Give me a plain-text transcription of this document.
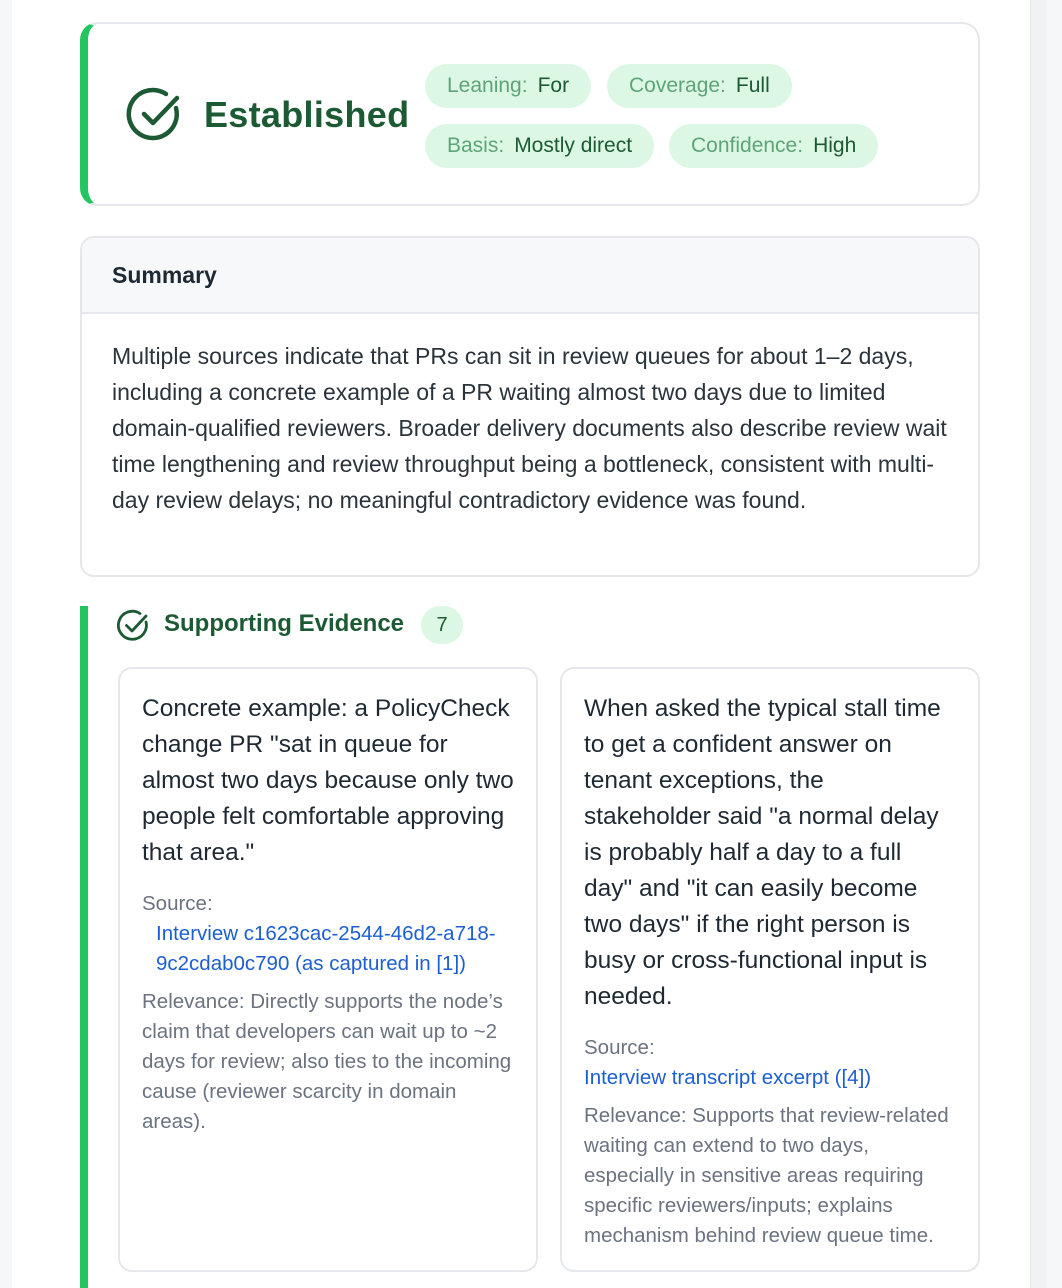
Established
Leaning: For	Coverage: Full
Basis: Mostly direct	Confidence: High
Summary
Multiple sources indicate that PRs can sit in review queues for about 1–2 days, including a concrete example of a PR waiting almost two days due to limited domain-qualified reviewers. Broader delivery documents also describe review wait time lengthening and review throughput being a bottleneck, consistent with multi-day review delays; no meaningful contradictory evidence was found.
Supporting Evidence	7
Concrete example: a PolicyCheck change PR "sat in queue for almost two days because only two people felt comfortable approving that area."
Source:
Interview c1623cac-2544-46d2-a718-9c2cdab0c790 (as captured in [1])
Relevance: Directly supports the node’s claim that developers can wait up to ~2 days for review; also ties to the incoming cause (reviewer scarcity in domain areas).
When asked the typical stall time to get a confident answer on tenant exceptions, the stakeholder said "a normal delay is probably half a day to a full day" and "it can easily become two days" if the right person is busy or cross-functional input is needed.
Source:
Interview transcript excerpt ([4])
Relevance: Supports that review-related waiting can extend to two days, especially in sensitive areas requiring specific reviewers/inputs; explains mechanism behind review queue time.
